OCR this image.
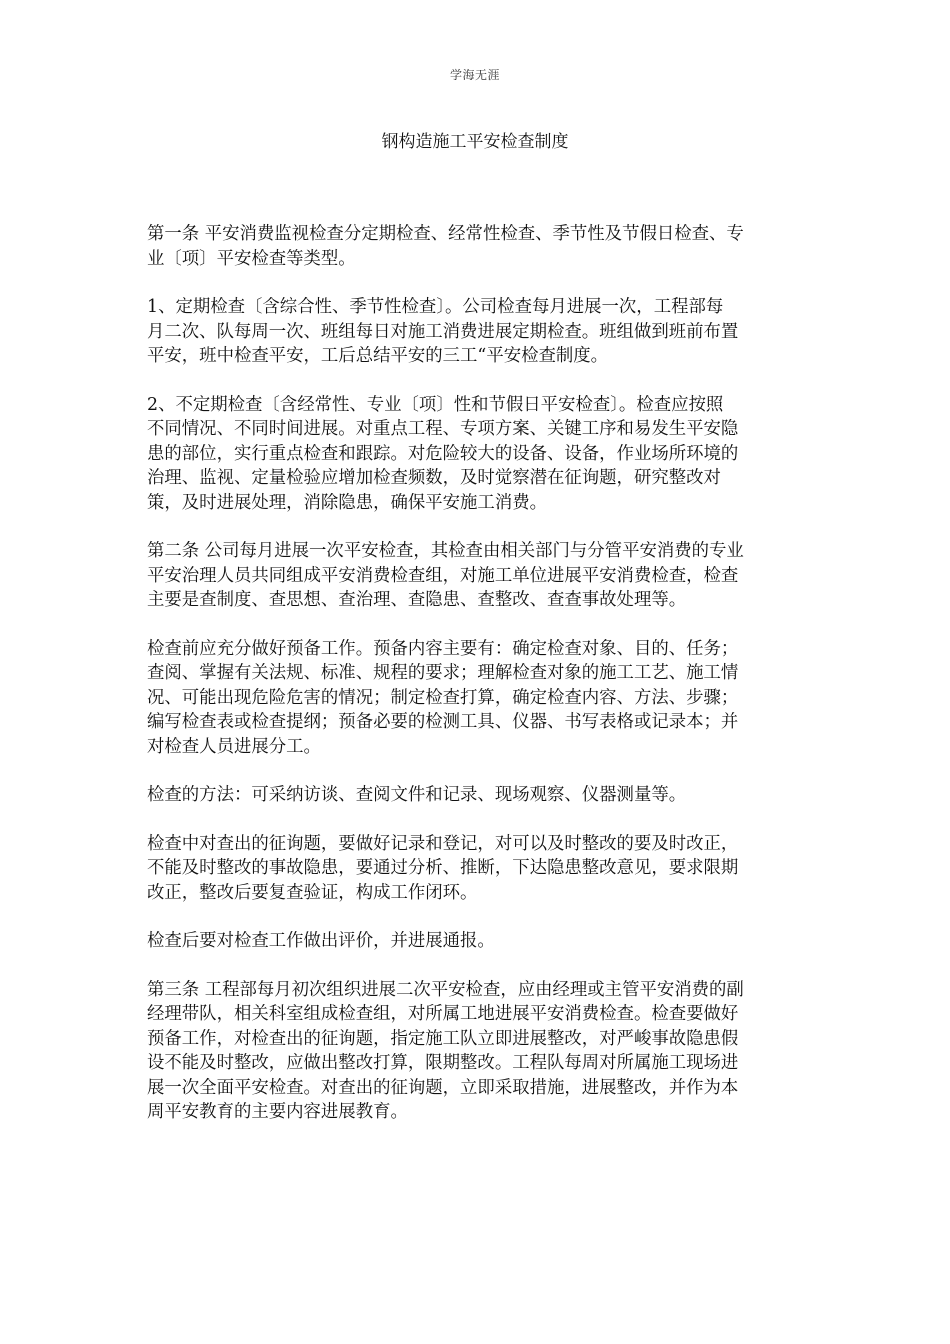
学海无涯
钢构造施工平安检查制度
第一条 平安消费监视检查分定期检查、经常性检查、季节性及节假日检查、专
业〔项〕平安检查等类型。
1、定期检查〔含综合性、季节性检查〕。公司检查每月进展一次，工程部每
月二次、队每周一次、班组每日对施工消费进展定期检查。班组做到班前布置
平安，班中检查平安，工后总结平安的三工“平安检查制度。
2、不定期检查〔含经常性、专业〔项〕性和节假日平安检查〕。检查应按照
不同情况、不同时间进展。对重点工程、专项方案、关键工序和易发生平安隐
患的部位，实行重点检查和跟踪。对危险较大的设备、设备，作业场所环境的
治理、监视、定量检验应增加检查频数，及时觉察潜在征询题，研究整改对
策，及时进展处理，消除隐患，确保平安施工消费。
第二条 公司每月进展一次平安检查，其检查由相关部门与分管平安消费的专业
平安治理人员共同组成平安消费检查组，对施工单位进展平安消费检查，检查
主要是查制度、查思想、查治理、查隐患、查整改、查查事故处理等。
检查前应充分做好预备工作。预备内容主要有：确定检查对象、目的、任务；
查阅、掌握有关法规、标准、规程的要求；理解检查对象的施工工艺、施工情
况、可能出现危险危害的情况；制定检查打算，确定检查内容、方法、步骤；
编写检查表或检查提纲；预备必要的检测工具、仪器、书写表格或记录本；并
对检查人员进展分工。
检查的方法：可采纳访谈、查阅文件和记录、现场观察、仪器测量等。
检查中对查出的征询题，要做好记录和登记，对可以及时整改的要及时改正，
不能及时整改的事故隐患，要通过分析、推断，下达隐患整改意见，要求限期
改正，整改后要复查验证，构成工作闭环。
检查后要对检查工作做出评价，并进展通报。
第三条 工程部每月初次组织进展二次平安检查，应由经理或主管平安消费的副
经理带队，相关科室组成检查组，对所属工地进展平安消费检查。检查要做好
预备工作，对检查出的征询题，指定施工队立即进展整改，对严峻事故隐患假
设不能及时整改，应做出整改打算，限期整改。工程队每周对所属施工现场进
展一次全面平安检查。对查出的征询题，立即采取措施，进展整改，并作为本
周平安教育的主要内容进展教育。
